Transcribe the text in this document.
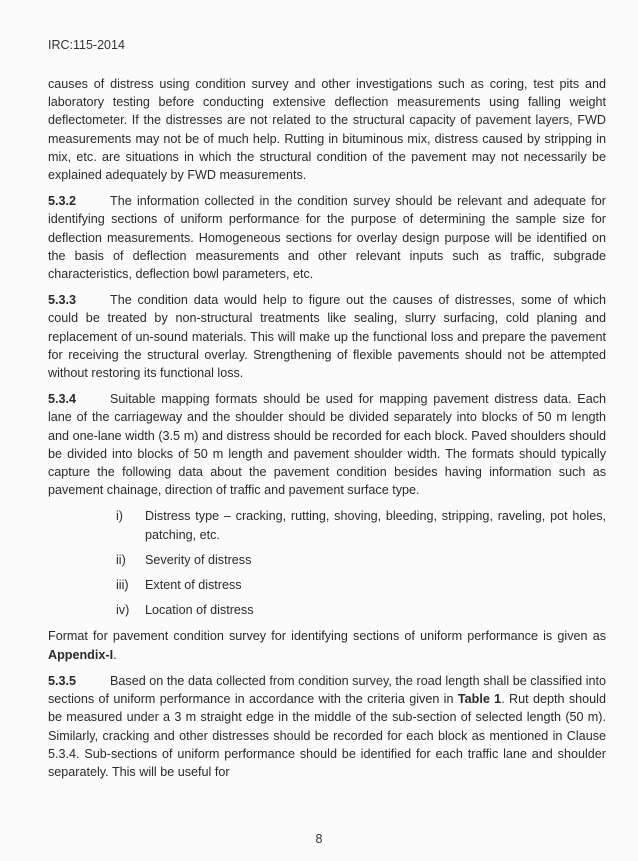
IRC:115-2014

causes of distress using condition survey and other investigations such as coring, test pits and laboratory testing before conducting extensive deflection measurements using falling weight deflectometer. If the distresses are not related to the structural capacity of pavement layers, FWD measurements may not be of much help. Rutting in bituminous mix, distress caused by stripping in mix, etc. are situations in which the structural condition of the pavement may not necessarily be explained adequately by FWD measurements.

5.3.2	The information collected in the condition survey should be relevant and adequate for identifying sections of uniform performance for the purpose of determining the sample size for deflection measurements. Homogeneous sections for overlay design purpose will be identified on the basis of deflection measurements and other relevant inputs such as traffic, subgrade characteristics, deflection bowl parameters, etc.

5.3.3	The condition data would help to figure out the causes of distresses, some of which could be treated by non-structural treatments like sealing, slurry surfacing, cold planing and replacement of un-sound materials. This will make up the functional loss and prepare the pavement for receiving the structural overlay. Strengthening of flexible pavements should not be attempted without restoring its functional loss.

5.3.4	Suitable mapping formats should be used for mapping pavement distress data. Each lane of the carriageway and the shoulder should be divided separately into blocks of 50 m length and one-lane width (3.5 m) and distress should be recorded for each block. Paved shoulders should be divided into blocks of 50 m length and pavement shoulder width. The formats should typically capture the following data about the pavement condition besides having information such as pavement chainage, direction of traffic and pavement surface type.

i) Distress type – cracking, rutting, shoving, bleeding, stripping, raveling, pot holes, patching, etc.
ii) Severity of distress
iii) Extent of distress
iv) Location of distress

Format for pavement condition survey for identifying sections of uniform performance is given as Appendix-I.

5.3.5	Based on the data collected from condition survey, the road length shall be classified into sections of uniform performance in accordance with the criteria given in Table 1. Rut depth should be measured under a 3 m straight edge in the middle of the sub-section of selected length (50 m). Similarly, cracking and other distresses should be recorded for each block as mentioned in Clause 5.3.4. Sub-sections of uniform performance should be identified for each traffic lane and shoulder separately. This will be useful for

8
